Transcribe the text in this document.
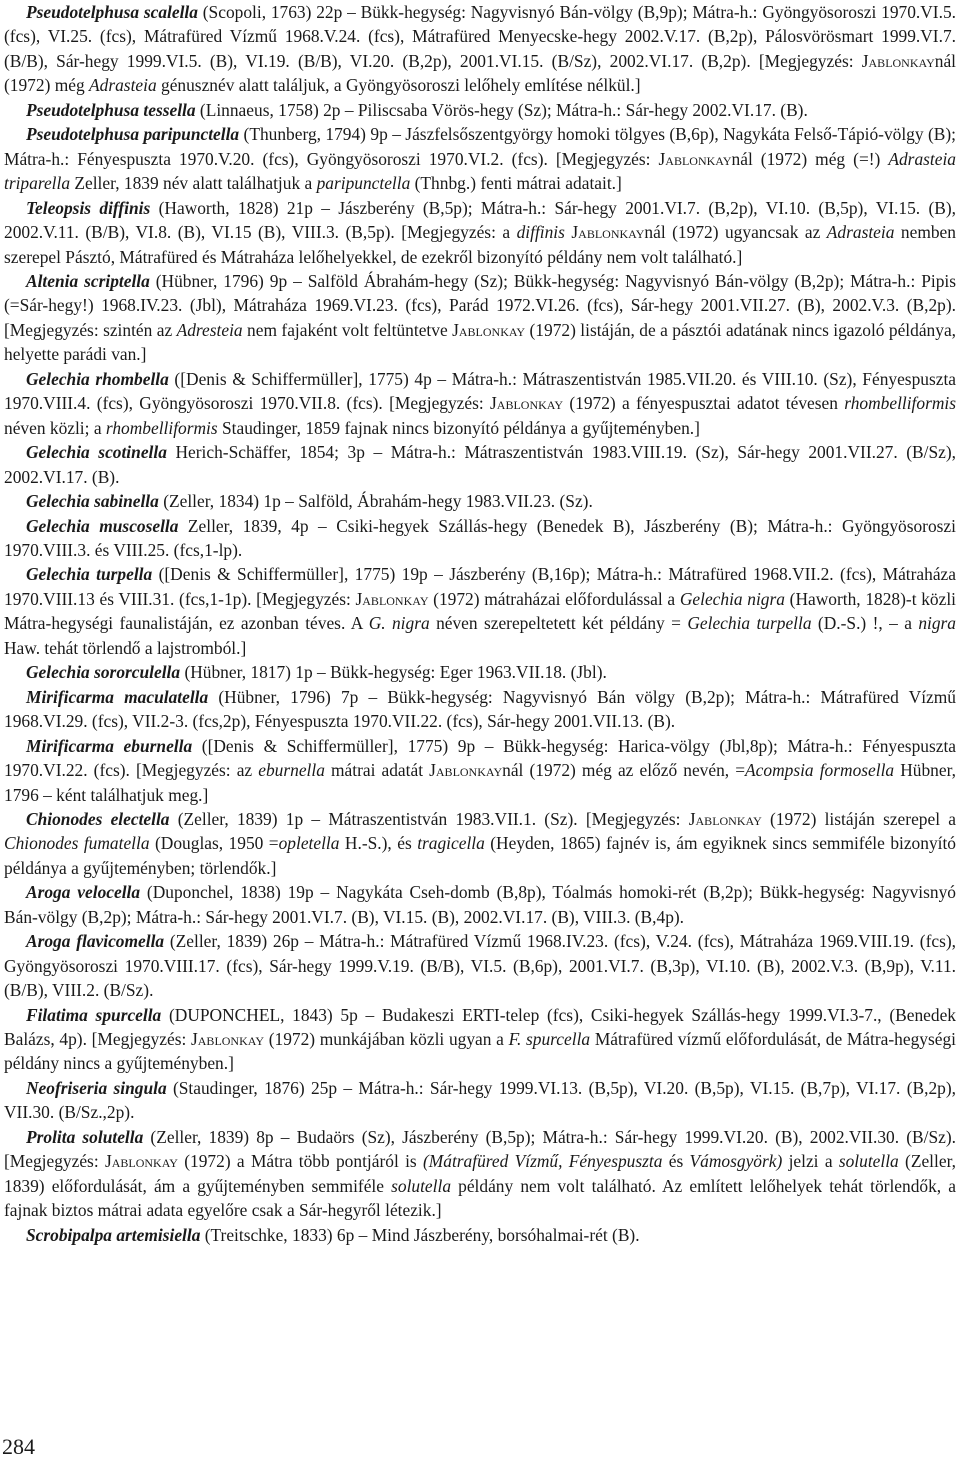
Pseudotelphusa scalella (Scopoli, 1763) 22p – Bükk-hegység: Nagyvisnyó Bán-völgy (B,9p); Mátra-h.: Gyöngyösoroszi 1970.VI.5. (fcs), VI.25. (fcs), Mátrafüred Vízmű 1968.V.24. (fcs), Mátrafüred Menyecske-hegy 2002.V.17. (B,2p), Pálosvörösmart 1999.VI.7. (B/B), Sár-hegy 1999.VI.5. (B), VI.19. (B/B), VI.20. (B,2p), 2001.VI.15. (B/Sz), 2002.VI.17. (B,2p). [Megjegyzés: Jablonkaynál (1972) még Adrasteia génusznév alatt találjuk, a Gyöngyösoroszi lelőhely említése nélkül.]

Pseudotelphusa tessella (Linnaeus, 1758) 2p – Piliscsaba Vörös-hegy (Sz); Mátra-h.: Sár-hegy 2002.VI.17. (B).

Pseudotelphusa paripunctella (Thunberg, 1794) 9p – Jászfelsőszentgyörgy homoki tölgyes (B,6p), Nagykáta Felső-Tápió-völgy (B); Mátra-h.: Fényespuszta 1970.V.20. (fcs), Gyöngyösoroszi 1970.VI.2. (fcs). [Megjegyzés: Jablonkaynál (1972) még (=!) Adrasteia triparella Zeller, 1839 név alatt találhatjuk a paripunctella (Thnbg.) fenti mátrai adatait.]

Teleopsis diffinis (Haworth, 1828) 21p – Jászberény (B,5p); Mátra-h.: Sár-hegy 2001.VI.7. (B,2p), VI.10. (B,5p), VI.15. (B), 2002.V.11. (B/B), VI.8. (B), VI.15 (B), VIII.3. (B,5p). [Megjegyzés: a diffinis Jablonkaynál (1972) ugyancsak az Adrasteia nemben szerepel Pásztó, Mátrafüred és Mátraháza lelőhelyekkel, de ezekről bizonyító példány nem volt található.]

Altenia scriptella (Hübner, 1796) 9p – Salföld Ábrahám-hegy (Sz); Bükk-hegység: Nagyvisnyó Bán-völgy (B,2p); Mátra-h.: Pipis (=Sár-hegy!) 1968.IV.23. (Jbl), Mátraháza 1969.VI.23. (fcs), Parád 1972.VI.26. (fcs), Sár-hegy 2001.VII.27. (B), 2002.V.3. (B,2p). [Megjegyzés: szintén az Adresteia nem fajaként volt feltüntetve Jablonkay (1972) listáján, de a pásztói adatának nincs igazoló példánya, helyette parádi van.]

Gelechia rhombella ([Denis & Schiffermüller], 1775) 4p – Mátra-h.: Mátraszentistván 1985.VII.20. és VIII.10. (Sz), Fényespuszta 1970.VIII.4. (fcs), Gyöngyösoroszi 1970.VII.8. (fcs). [Megjegyzés: Jablonkay (1972) a fényespusztai adatot tévesen rhombelliformis néven közli; a rhombelliformis Staudinger, 1859 fajnak nincs bizonyító példánya a gyűjteményben.]

Gelechia scotinella Herich-Schäffer, 1854; 3p – Mátra-h.: Mátraszentistván 1983.VIII.19. (Sz), Sár-hegy 2001.VII.27. (B/Sz), 2002.VI.17. (B).

Gelechia sabinella (Zeller, 1834) 1p – Salföld, Ábrahám-hegy 1983.VII.23. (Sz).

Gelechia muscosella Zeller, 1839, 4p – Csiki-hegyek Szállás-hegy (Benedek B), Jászberény (B); Mátra-h.: Gyöngyösoroszi 1970.VIII.3. és VIII.25. (fcs,1-lp).

Gelechia turpella ([Denis & Schiffermüller], 1775) 19p – Jászberény (B,16p); Mátra-h.: Mátrafüred 1968.VII.2. (fcs), Mátraháza 1970.VIII.13 és VIII.31. (fcs,1-1p). [Megjegyzés: Jablonkay (1972) mátraházai előfordulással a Gelechia nigra (Haworth, 1828)-t közli Mátra-hegységi faunalistáján, ez azonban téves. A G. nigra néven szerepeltetett két példány = Gelechia turpella (D.-S.) !, – a nigra Haw. tehát törlendő a lajstromból.]

Gelechia sororculella (Hübner, 1817) 1p – Bükk-hegység: Eger 1963.VII.18. (Jbl).

Mirificarma maculatella (Hübner, 1796) 7p – Bükk-hegység: Nagyvisnyó Bán völgy (B,2p); Mátra-h.: Mátrafüred Vízmű 1968.VI.29. (fcs), VII.2-3. (fcs,2p), Fényespuszta 1970.VII.22. (fcs), Sár-hegy 2001.VII.13. (B).

Mirificarma eburnella ([Denis & Schiffermüller], 1775) 9p – Bükk-hegység: Harica-völgy (Jbl,8p); Mátra-h.: Fényespuszta 1970.VI.22. (fcs). [Megjegyzés: az eburnella mátrai adatát Jablonkaynál (1972) még az előző nevén, =Acompsia formosella Hübner, 1796 – ként találhatjuk meg.]

Chionodes electella (Zeller, 1839) 1p – Mátraszentistván 1983.VII.1. (Sz). [Megjegyzés: Jablonkay (1972) listáján szerepel a Chionodes fumatella (Douglas, 1950 =opletella H.-S.), és tragicella (Heyden, 1865) fajnév is, ám egyiknek sincs semmiféle bizonyító példánya a gyűjteményben; törlendők.]

Aroga velocella (Duponchel, 1838) 19p – Nagykáta Cseh-domb (B,8p), Tóalmás homoki-rét (B,2p); Bükk-hegység: Nagyvisnyó Bán-völgy (B,2p); Mátra-h.: Sár-hegy 2001.VI.7. (B), VI.15. (B), 2002.VI.17. (B), VIII.3. (B,4p).

Aroga flavicomella (Zeller, 1839) 26p – Mátra-h.: Mátrafüred Vízmű 1968.IV.23. (fcs), V.24. (fcs), Mátraháza 1969.VIII.19. (fcs), Gyöngyösoroszi 1970.VIII.17. (fcs), Sár-hegy 1999.V.19. (B/B), VI.5. (B,6p), 2001.VI.7. (B,3p), VI.10. (B), 2002.V.3. (B,9p), V.11. (B/B), VIII.2. (B/Sz).

Filatima spurcella (DUPONCHEL, 1843) 5p – Budakeszi ERTI-telep (fcs), Csiki-hegyek Szállás-hegy 1999.VI.3-7., (Benedek Balázs, 4p). [Megjegyzés: Jablonkay (1972) munkájában közli ugyan a F. spurcella Mátrafüred vízmű előfordulását, de Mátra-hegységi példány nincs a gyűjteményben.]

Neofriseria singula (Staudinger, 1876) 25p – Mátra-h.: Sár-hegy 1999.VI.13. (B,5p), VI.20. (B,5p), VI.15. (B,7p), VI.17. (B,2p), VII.30. (B/Sz.,2p).

Prolita solutella (Zeller, 1839) 8p – Budaörs (Sz), Jászberény (B,5p); Mátra-h.: Sár-hegy 1999.VI.20. (B), 2002.VII.30. (B/Sz). [Megjegyzés: Jablonkay (1972) a Mátra több pontjáról is (Mátrafüred Vízmű, Fényespuszta és Vámosgyörk) jelzi a solutella (Zeller, 1839) előfordulását, ám a gyűjteményben semmiféle solutella példány nem volt található. Az említett lelőhelyek tehát törlendők, a fajnak biztos mátrai adata egyelőre csak a Sár-hegyről létezik.]

Scrobipalpa artemisiella (Treitschke, 1833) 6p – Mind Jászberény, borsóhalmai-rét (B).

284
